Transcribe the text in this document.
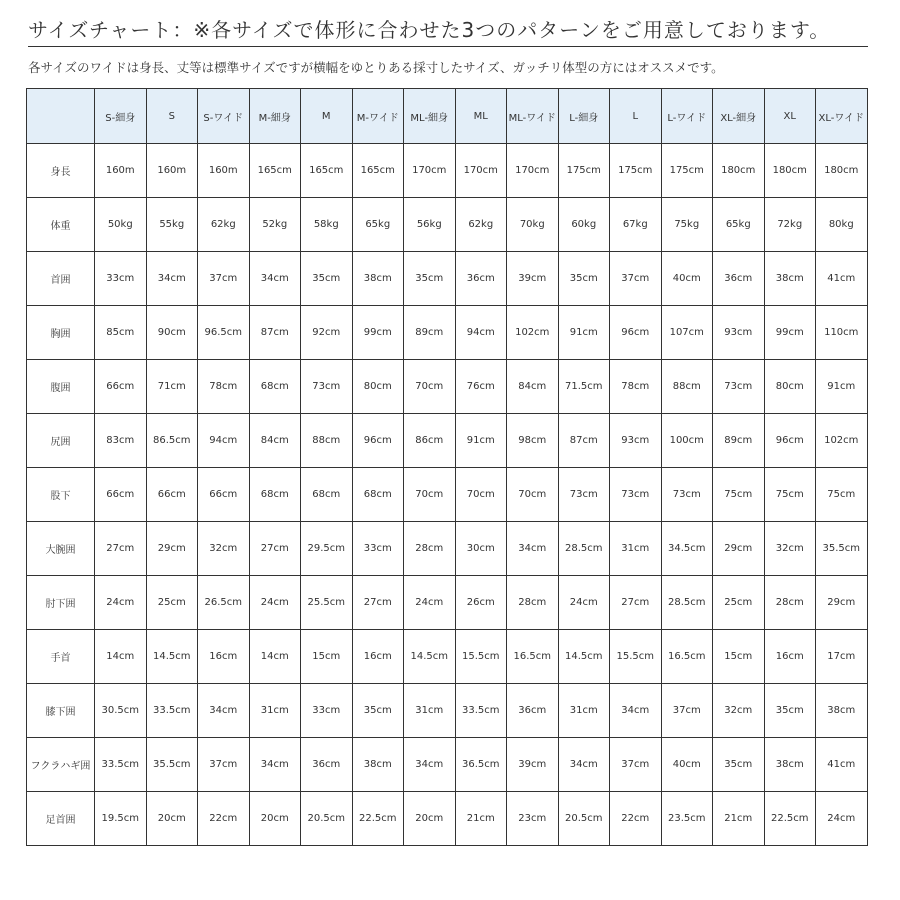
サイズチャート：※各サイズで体形に合わせた3つのパターンをご用意しております。
各サイズのワイドは身長、丈等は標準サイズですが横幅をゆとりある採寸したサイズ、ガッチリ体型の方にはオススメです。
	S-細身	S	S-ワイド	M-細身	M	M-ワイド	ML-細身	ML	ML-ワイド	L-細身	L	L-ワイド	XL-細身	XL	XL-ワイド
身長	160m	160m	160m	165cm	165cm	165cm	170cm	170cm	170cm	175cm	175cm	175cm	180cm	180cm	180cm
体重	50kg	55kg	62kg	52kg	58kg	65kg	56kg	62kg	70kg	60kg	67kg	75kg	65kg	72kg	80kg
首囲	33cm	34cm	37cm	34cm	35cm	38cm	35cm	36cm	39cm	35cm	37cm	40cm	36cm	38cm	41cm
胸囲	85cm	90cm	96.5cm	87cm	92cm	99cm	89cm	94cm	102cm	91cm	96cm	107cm	93cm	99cm	110cm
腹囲	66cm	71cm	78cm	68cm	73cm	80cm	70cm	76cm	84cm	71.5cm	78cm	88cm	73cm	80cm	91cm
尻囲	83cm	86.5cm	94cm	84cm	88cm	96cm	86cm	91cm	98cm	87cm	93cm	100cm	89cm	96cm	102cm
股下	66cm	66cm	66cm	68cm	68cm	68cm	70cm	70cm	70cm	73cm	73cm	73cm	75cm	75cm	75cm
大腕囲	27cm	29cm	32cm	27cm	29.5cm	33cm	28cm	30cm	34cm	28.5cm	31cm	34.5cm	29cm	32cm	35.5cm
肘下囲	24cm	25cm	26.5cm	24cm	25.5cm	27cm	24cm	26cm	28cm	24cm	27cm	28.5cm	25cm	28cm	29cm
手首	14cm	14.5cm	16cm	14cm	15cm	16cm	14.5cm	15.5cm	16.5cm	14.5cm	15.5cm	16.5cm	15cm	16cm	17cm
膝下囲	30.5cm	33.5cm	34cm	31cm	33cm	35cm	31cm	33.5cm	36cm	31cm	34cm	37cm	32cm	35cm	38cm
フクラハギ囲	33.5cm	35.5cm	37cm	34cm	36cm	38cm	34cm	36.5cm	39cm	34cm	37cm	40cm	35cm	38cm	41cm
足首囲	19.5cm	20cm	22cm	20cm	20.5cm	22.5cm	20cm	21cm	23cm	20.5cm	22cm	23.5cm	21cm	22.5cm	24cm
